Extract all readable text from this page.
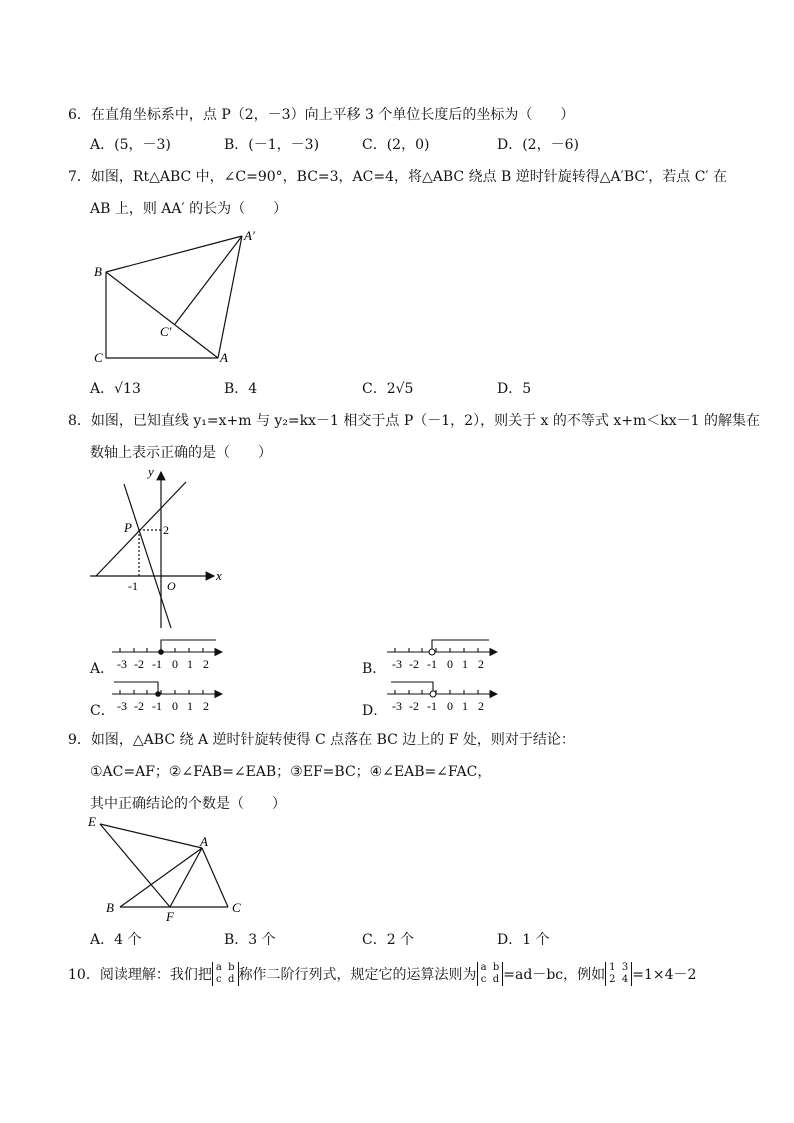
6．在直角坐标系中，点 P（2，－3）向上平移 3 个单位长度后的坐标为（　　）
A．(5，－3)	B．(－1，－3)	C．(2，0)	D．(2，－6)
7．如图，Rt△ABC 中，∠C=90°，BC=3，AC=4，将△ABC 绕点 B 逆时针旋转得△A′BC′，若点 C′ 在
AB 上，则 AA′ 的长为（　　）
B
C	A
A′
C′
A．√13	B．4	C．2√5	D．5
8．如图，已知直线 y₁=x+m 与 y₂=kx－1 相交于点 P（－1，2），则关于 x 的不等式 x+m＜kx－1 的解集在
数轴上表示正确的是（　　）
y
x
P	2
-1 O
A．	B．
C．	D．
-3 -2 -1 0 1 2	-3 -2 -1 0 1 2
-3 -2 -1 0 1 2	-3 -2 -1 0 1 2
9．如图，△ABC 绕 A 逆时针旋转使得 C 点落在 BC 边上的 F 处，则对于结论：
①AC=AF；②∠FAB=∠EAB；③EF=BC；④∠EAB=∠FAC，
其中正确结论的个数是（　　）
E
A
B
F
C
A．4 个	B．3 个	C．2 个	D．1 个
10．阅读理解：我们把 a b
c d 称作二阶行列式，规定它的运算法则为 a b
c d =ad－bc，例如 1 3
2 4 =1×4－2
